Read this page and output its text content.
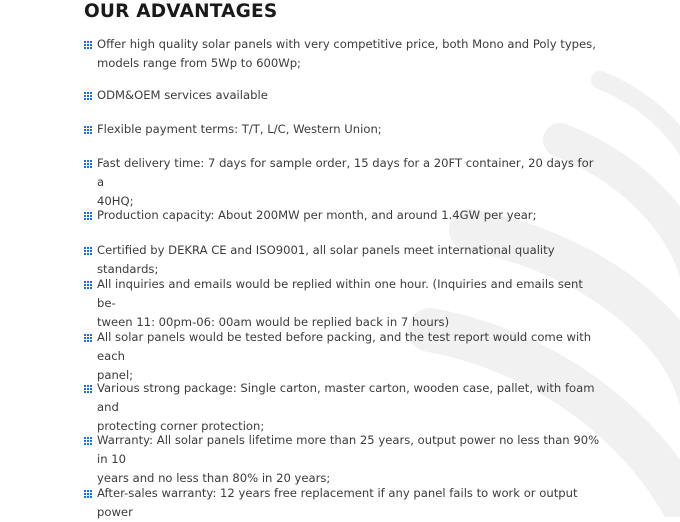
OUR ADVANTAGES
Offer high quality solar panels with very competitive price, both Mono and Poly types,
models range from 5Wp to 600Wp;
ODM&OEM services available
Flexible payment terms: T/T, L/C, Western Union;
Fast delivery time: 7 days for sample order, 15 days for a 20FT container, 20 days for a
40HQ;
Production capacity: About 200MW per month, and around 1.4GW per year;
Certified by DEKRA CE and ISO9001, all solar panels meet international quality standards;
All inquiries and emails would be replied within one hour. (Inquiries and emails sent be-
tween 11: 00pm-06: 00am would be replied back in 7 hours)
All solar panels would be tested before packing, and the test report would come with each
panel;
Various strong package: Single carton, master carton, wooden case, pallet, with foam and
protecting corner protection;
Warranty: All solar panels lifetime more than 25 years, output power no less than 90% in 10
years and no less than 80% in 20 years;
After-sales warranty: 12 years free replacement if any panel fails to work or output power
